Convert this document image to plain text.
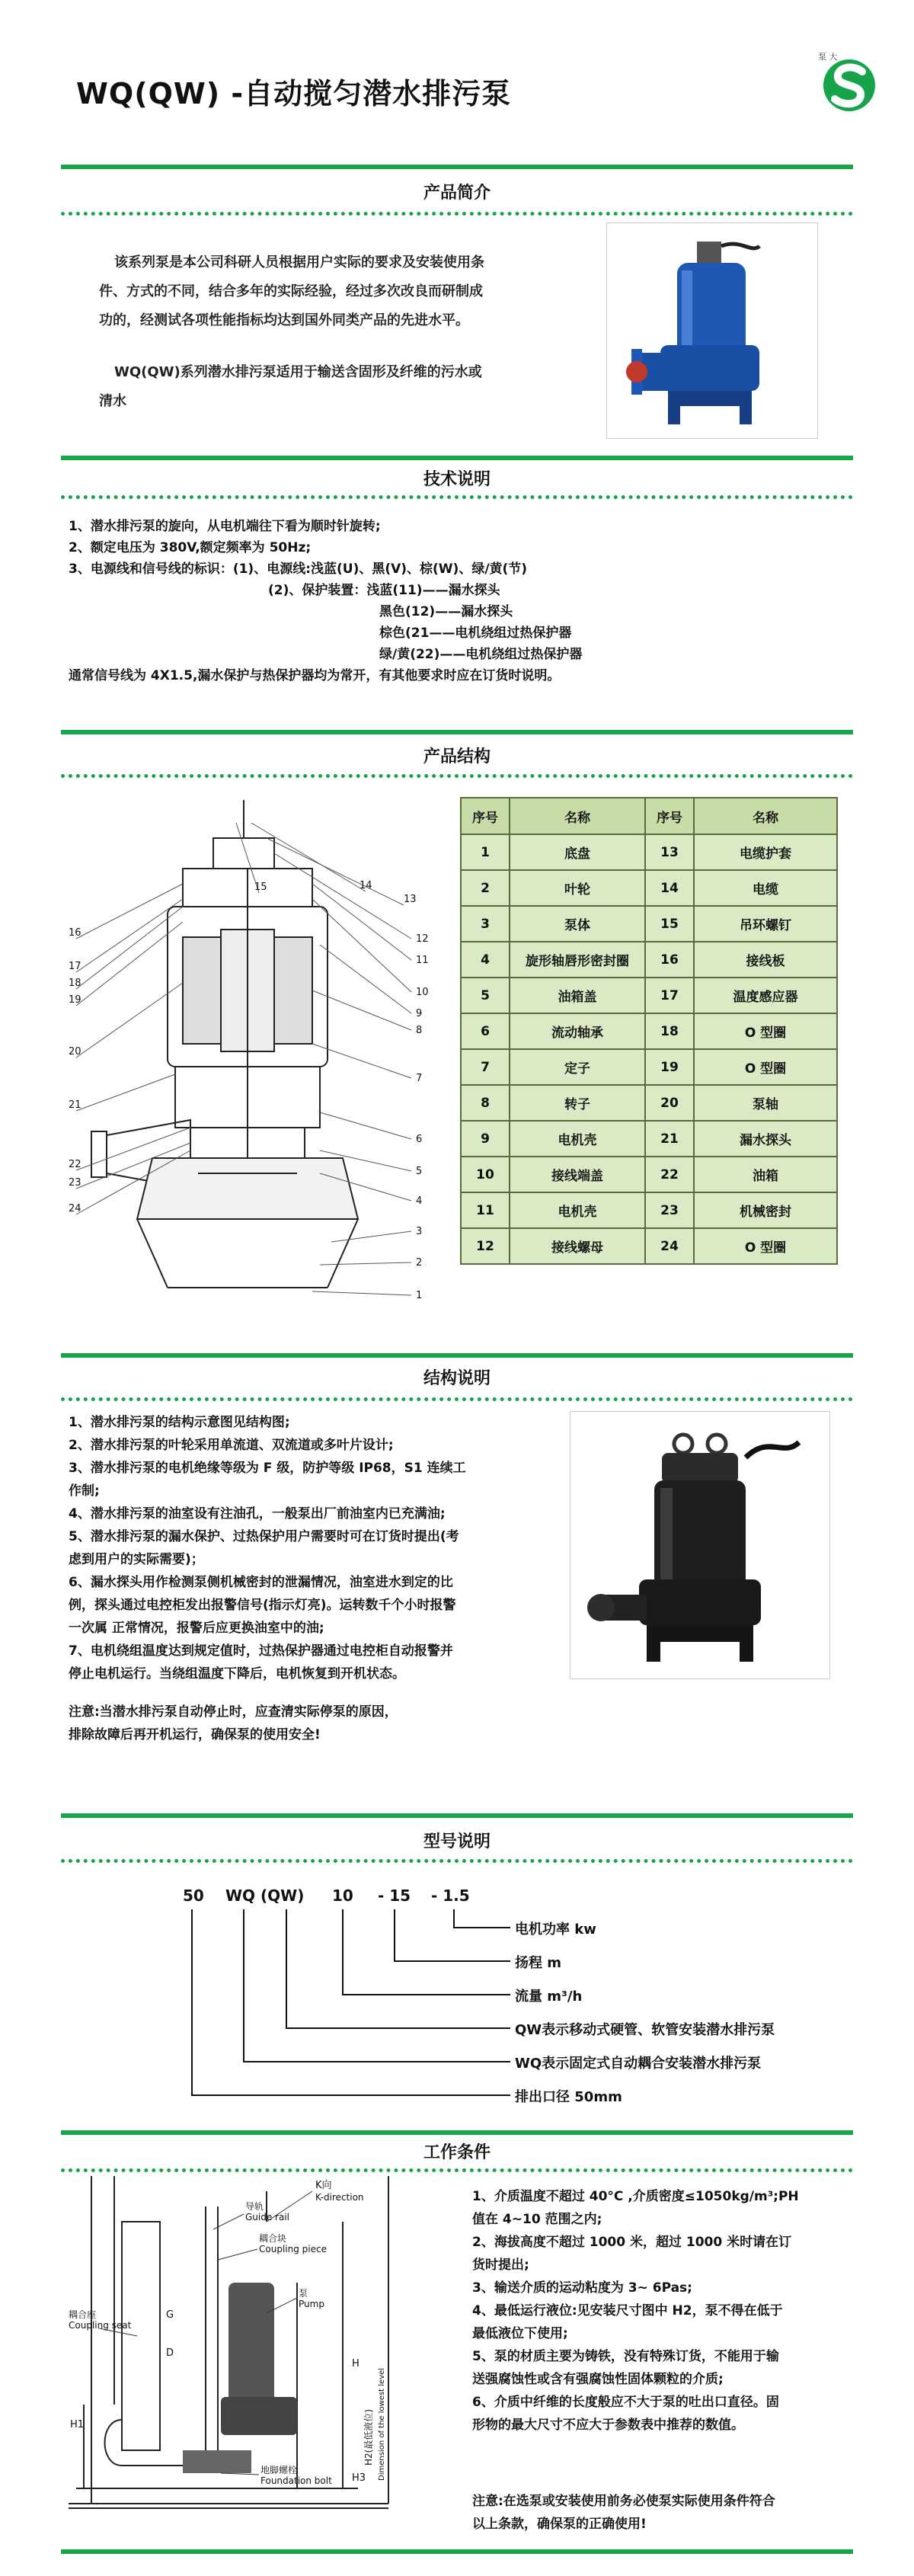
WQ(QW) -自动搅匀潜水排污泵
泵 大
产品简介
该系列泵是本公司科研人员根据用户实际的要求及安装使用条
件、方式的不同，结合多年的实际经验，经过多次改良而研制成
功的，经测试各项性能指标均达到国外同类产品的先进水平。
WQ(QW)系列潜水排污泵适用于输送含固形及纤维的污水或
清水
技术说明
1、潜水排污泵的旋向，从电机端往下看为顺时针旋转;
2、额定电压为 380V,额定频率为 50Hz;
3、电源线和信号线的标识：(1)、电源线:浅蓝(U)、黑(V)、棕(W)、绿/黄(节)
(2)、保护装置：浅蓝(11)——漏水探头
黑色(12)——漏水探头
棕色(21——电机绕组过热保护器
绿/黄(22)——电机绕组过热保护器
通常信号线为 4X1.5,漏水保护与热保护器均为常开，有其他要求时应在订货时说明。
产品结构
1
2
3
4
5
6
7
8
9
10
11
12
13
14
15
16
17
18
19
20
21
22
23
24
序号	名称	序号	名称
1	底盘	13	电缆护套
2	叶轮	14	电缆
3	泵体	15	吊环螺钉
4	旋形轴唇形密封圈	16	接线板
5	油箱盖	17	温度感应器
6	流动轴承	18	O 型圈
7	定子	19	O 型圈
8	转子	20	泵轴
9	电机壳	21	漏水探头
10	接线端盖	22	油箱
11	电机壳	23	机械密封
12	接线螺母	24	O 型圈
结构说明
1、潜水排污泵的结构示意图见结构图;
2、潜水排污泵的叶轮采用单流道、双流道或多叶片设计;
3、潜水排污泵的电机绝缘等级为 F 级，防护等级 IP68，S1 连续工
作制;
4、潜水排污泵的油室设有注油孔，一般泵出厂前油室内已充满油;
5、潜水排污泵的漏水保护、过热保护用户需要时可在订货时提出(考
虑到用户的实际需要)；
6、漏水探头用作检测泵侧机械密封的泄漏情况，油室进水到定的比
例，探头通过电控柜发出报警信号(指示灯亮)。运转数千个小时报警
一次属 正常情况，报警后应更换油室中的油;
7、电机绕组温度达到规定值时，过热保护器通过电控柜自动报警并
停止电机运行。当绕组温度下降后，电机恢复到开机状态。
注意:当潜水排污泵自动停止时，应查清实际停泵的原因，
排除故障后再开机运行，确保泵的使用安全!
型号说明
50 WQ (QW) 10 - 15 - 1.5
电机功率 kw
扬程 m
流量 m³/h
QW表示移动式硬管、软管安装潜水排污泵
WQ表示固定式自动耦合安装潜水排污泵
排出口径 50mm
工作条件
K向
K-direction
导轨
Guide rail
耦合块
Coupling piece
耦合座
Coupling seat
泵
Pump
地脚螺栓
Foundation bolt
G
D
H
H1
H3
H2(最低液位) Dimension of the lowest level
1、介质温度不超过 40°C ,介质密度≤1050kg/m³;PH
值在 4~10 范围之内;
2、海拔高度不超过 1000 米，超过 1000 米时请在订
货时提出;
3、输送介质的运动粘度为 3~ 6Pas;
4、最低运行液位:见安装尺寸图中 H2，泵不得在低于
最低液位下使用;
5、泵的材质主要为铸铁，没有特殊订货，不能用于输
送强腐蚀性或含有强腐蚀性固体颗粒的介质;
6、介质中纤维的长度般应不大于泵的吐出口直径。固
形物的最大尺寸不应大于参数表中推荐的数值。
注意:在选泵或安装使用前务必使泵实际使用条件符合
以上条款，确保泵的正确使用!
